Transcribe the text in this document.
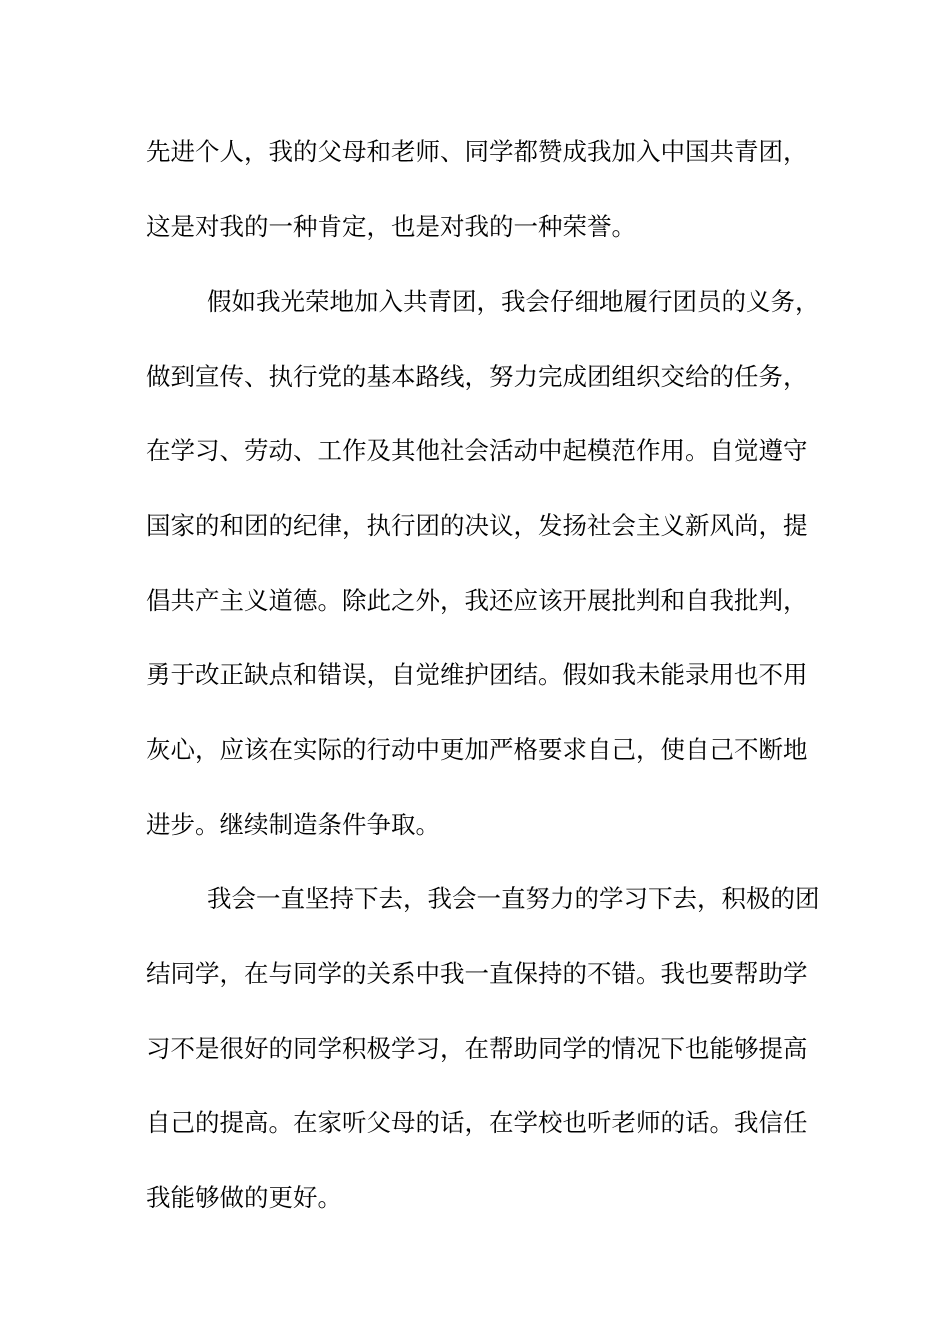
先进个人，我的父母和老师、同学都赞成我加入中国共青团，
这是对我的一种肯定，也是对我的一种荣誉。
假如我光荣地加入共青团，我会仔细地履行团员的义务，
做到宣传、执行党的基本路线，努力完成团组织交给的任务，
在学习、劳动、工作及其他社会活动中起模范作用。自觉遵守
国家的和团的纪律，执行团的决议，发扬社会主义新风尚，提
倡共产主义道德。除此之外，我还应该开展批判和自我批判，
勇于改正缺点和错误，自觉维护团结。假如我未能录用也不用
灰心，应该在实际的行动中更加严格要求自己，使自己不断地
进步。继续制造条件争取。
我会一直坚持下去，我会一直努力的学习下去，积极的团
结同学，在与同学的关系中我一直保持的不错。我也要帮助学
习不是很好的同学积极学习，在帮助同学的情况下也能够提高
自己的提高。在家听父母的话，在学校也听老师的话。我信任
我能够做的更好。
